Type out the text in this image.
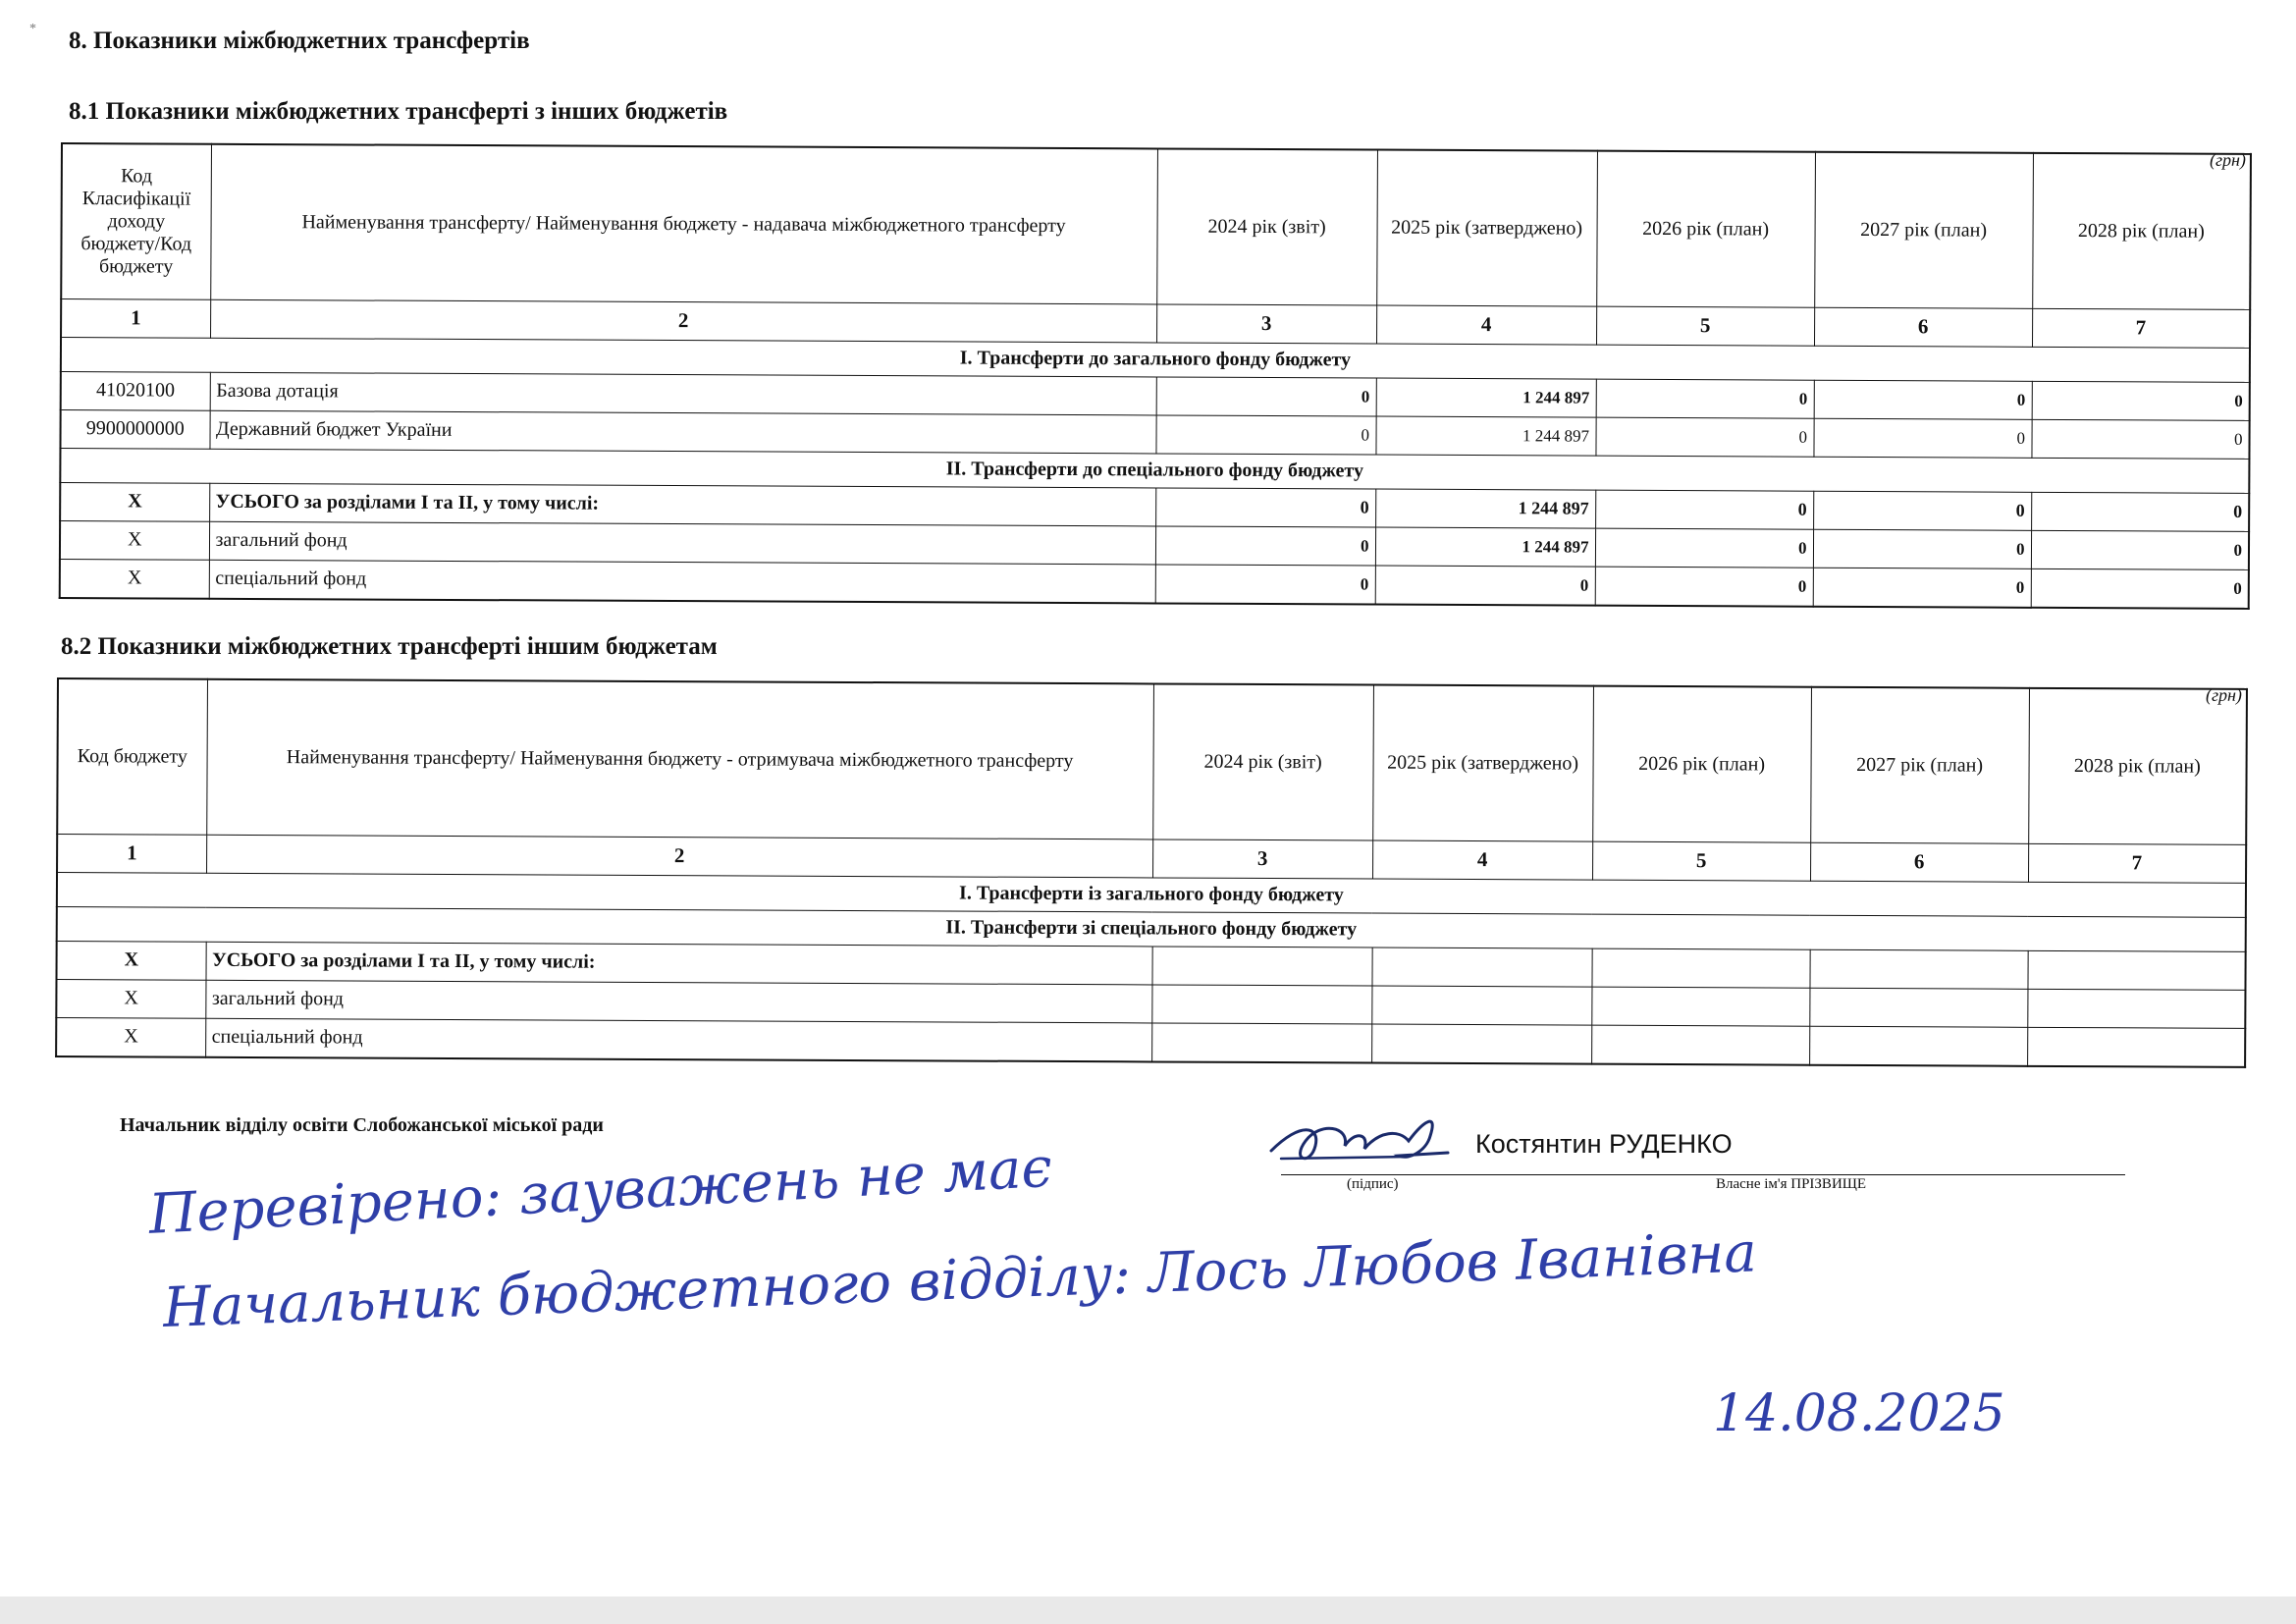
* 8. Показники міжбюджетних трансфертів
8.1 Показники міжбюджетних трансферті з інших бюджетів
(грн)
Код Класифікації доходу бюджету/Код бюджету	Найменування трансферту/ Найменування бюджету - надавача міжбюджетного трансферту	2024 рік (звіт)	2025 рік (затверджено)	2026 рік (план)	2027 рік (план)	2028 рік (план)
1	2	3	4	5	6	7
I. Трансферти до загального фонду бюджету						
41020100	Базова дотація	0	1 244 897	0	0	0
9900000000	Державний бюджет України	0	1 244 897	0	0	0
II. Трансферти до спеціального фонду бюджету						
X	УСЬОГО за розділами І та ІІ, у тому числі:	0	1 244 897	0	0	0
X	загальний фонд	0	1 244 897	0	0	0
X	спеціальний фонд	0	0	0	0	0
8.2 Показники міжбюджетних трансферті іншим бюджетам
(грн)
Код бюджету	Найменування трансферту/ Найменування бюджету - отримувача міжбюджетного трансферту	2024 рік (звіт)	2025 рік (затверджено)	2026 рік (план)	2027 рік (план)	2028 рік (план)
1	2	3	4	5	6	7
I. Трансферти із загального фонду бюджету						
II. Трансферти зі спеціального фонду бюджету						
X	УСЬОГО за розділами І та ІІ, у тому числі:					
X	загальний фонд					
X	спеціальний фонд					

Начальник відділу освіти Слобожанської міської ради

Костянтин РУДЕНКО

(підпис)	Власне ім'я ПРІЗВИЩЕ

Перевірено: зауважень не має

Начальник бюджетного відділу: Лось Любов Іванівна

14.08.2025
